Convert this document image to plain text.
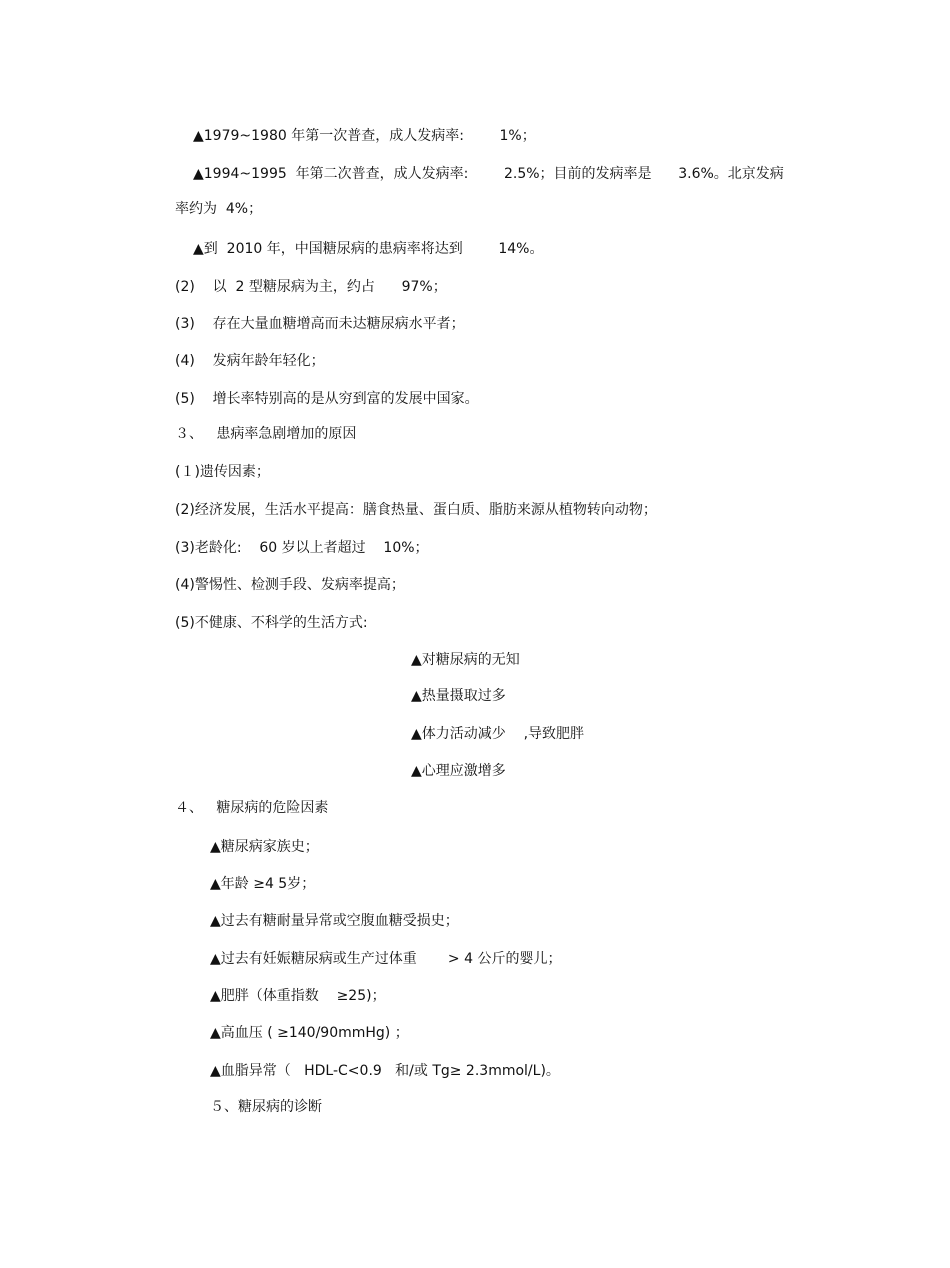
▲1979~1980 年第一次普查，成人发病率:        1%；
▲1994~1995  年第二次普查，成人发病率:        2.5%；目前的发病率是      3.6%。北京发病
率约为  4%；
▲到  2010 年，中国糖尿病的患病率将达到        14%。
(2)    以  2 型糖尿病为主，约占      97%；
(3)    存在大量血糖增高而未达糖尿病水平者；
(4)    发病年龄年轻化；
(5)    增长率特别高的是从穷到富的发展中国家。
３、   患病率急剧增加的原因
(１)遗传因素；
(2)经济发展，生活水平提高：膳食热量、蛋白质、脂肪来源从植物转向动物；
(3)老龄化:    60 岁以上者超过    10%；
(4)警惕性、检测手段、发病率提高；
(5)不健康、不科学的生活方式:
▲对糖尿病的无知
▲热量摄取过多
▲体力活动减少    ,导致肥胖
▲心理应激增多
４、   糖尿病的危险因素
▲糖尿病家族史；
▲年龄 ≥4 5岁；
▲过去有糖耐量异常或空腹血糖受损史；
▲过去有妊娠糖尿病或生产过体重       > 4 公斤的婴儿；
▲肥胖（体重指数    ≥25)；
▲高血压 ( ≥140/90mmHg) ；
▲血脂异常（   HDL-C<0.9   和/或 Tg≥ 2.3mmol/L)。
５、糖尿病的诊断
